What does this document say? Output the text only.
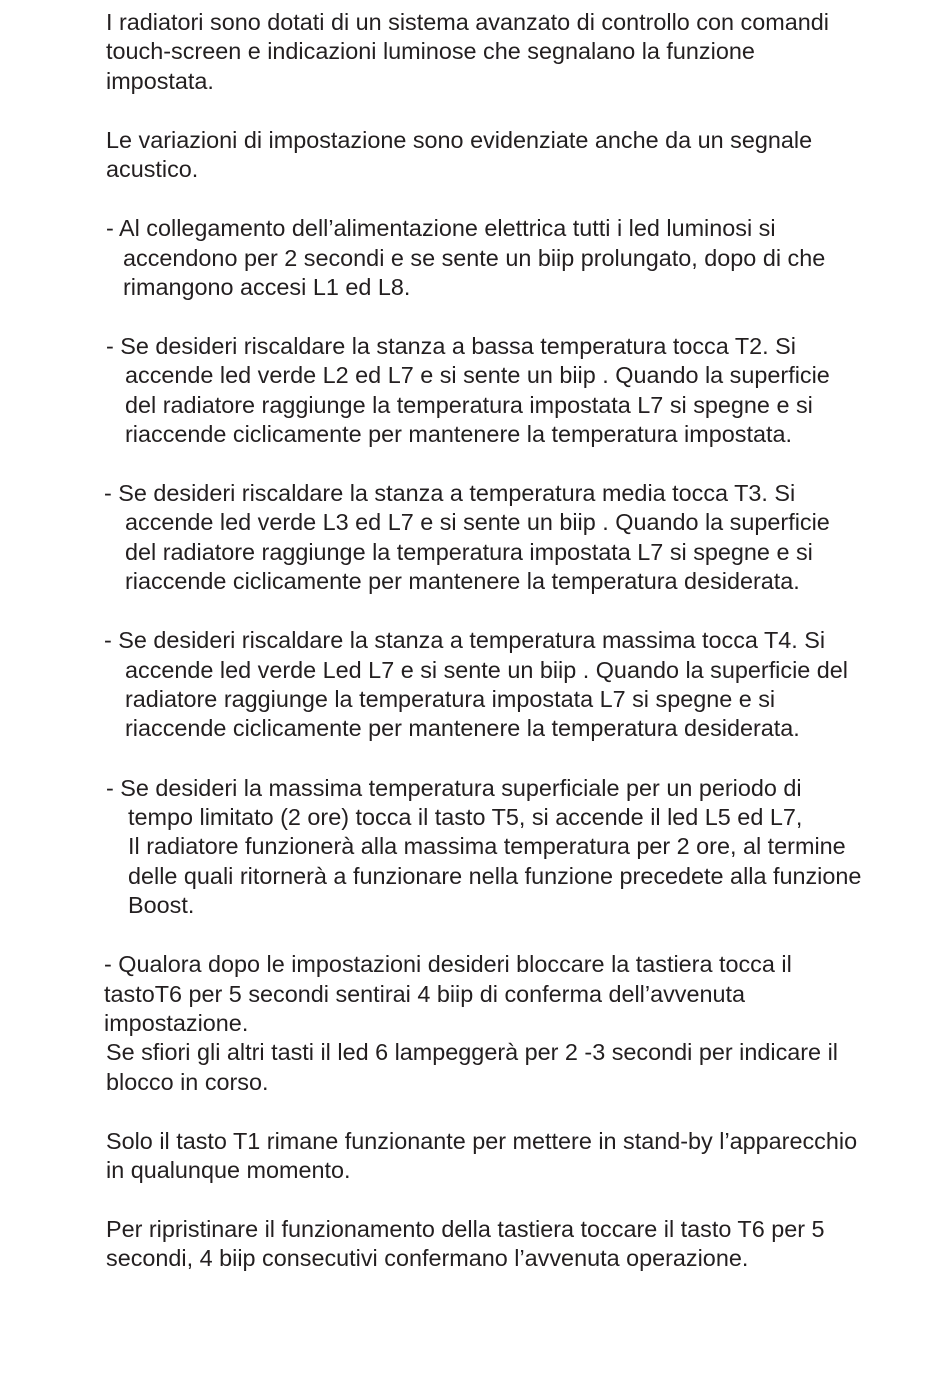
I radiatori sono dotati di un sistema avanzato di controllo con comandi

touch-screen e indicazioni luminose che segnalano la funzione

impostata.

Le variazioni di impostazione sono evidenziate anche da un segnale

acustico.

- Al collegamento dell’alimentazione elettrica tutti i led luminosi si

accendono per 2 secondi e se sente un biip prolungato, dopo di che

rimangono accesi L1 ed L8.

- Se desideri riscaldare la stanza a bassa temperatura tocca T2. Si

accende led verde L2 ed L7 e si sente un biip . Quando la superficie

del radiatore raggiunge la temperatura impostata L7 si spegne e si

riaccende ciclicamente per mantenere la temperatura impostata.

- Se desideri riscaldare la stanza a temperatura media tocca T3. Si

accende led verde L3 ed L7 e si sente un biip . Quando la superficie

del radiatore raggiunge la temperatura impostata L7 si spegne e si

riaccende ciclicamente per mantenere la temperatura desiderata.

- Se desideri riscaldare la stanza a temperatura massima tocca T4. Si

accende led verde Led L7 e si sente un biip . Quando la superficie del

radiatore raggiunge la temperatura impostata L7 si spegne e si

riaccende ciclicamente per mantenere la temperatura desiderata.

- Se desideri la massima temperatura superficiale per un periodo di

tempo limitato (2 ore) tocca il tasto T5, si accende il led L5 ed L7,

Il radiatore funzionerà alla massima temperatura per 2 ore, al termine

delle quali ritornerà a funzionare nella funzione precedete alla funzione

Boost.

- Qualora dopo le impostazioni desideri bloccare la tastiera tocca il

tastoT6 per 5 secondi sentirai 4 biip di conferma dell’avvenuta

impostazione.

Se sfiori gli altri tasti il led 6 lampeggerà per 2 -3 secondi per indicare il

blocco in corso.

Solo il tasto T1 rimane funzionante per mettere in stand-by l’apparecchio

in qualunque momento.

Per ripristinare il funzionamento della tastiera toccare il tasto T6 per 5

secondi, 4 biip consecutivi confermano l’avvenuta operazione.
